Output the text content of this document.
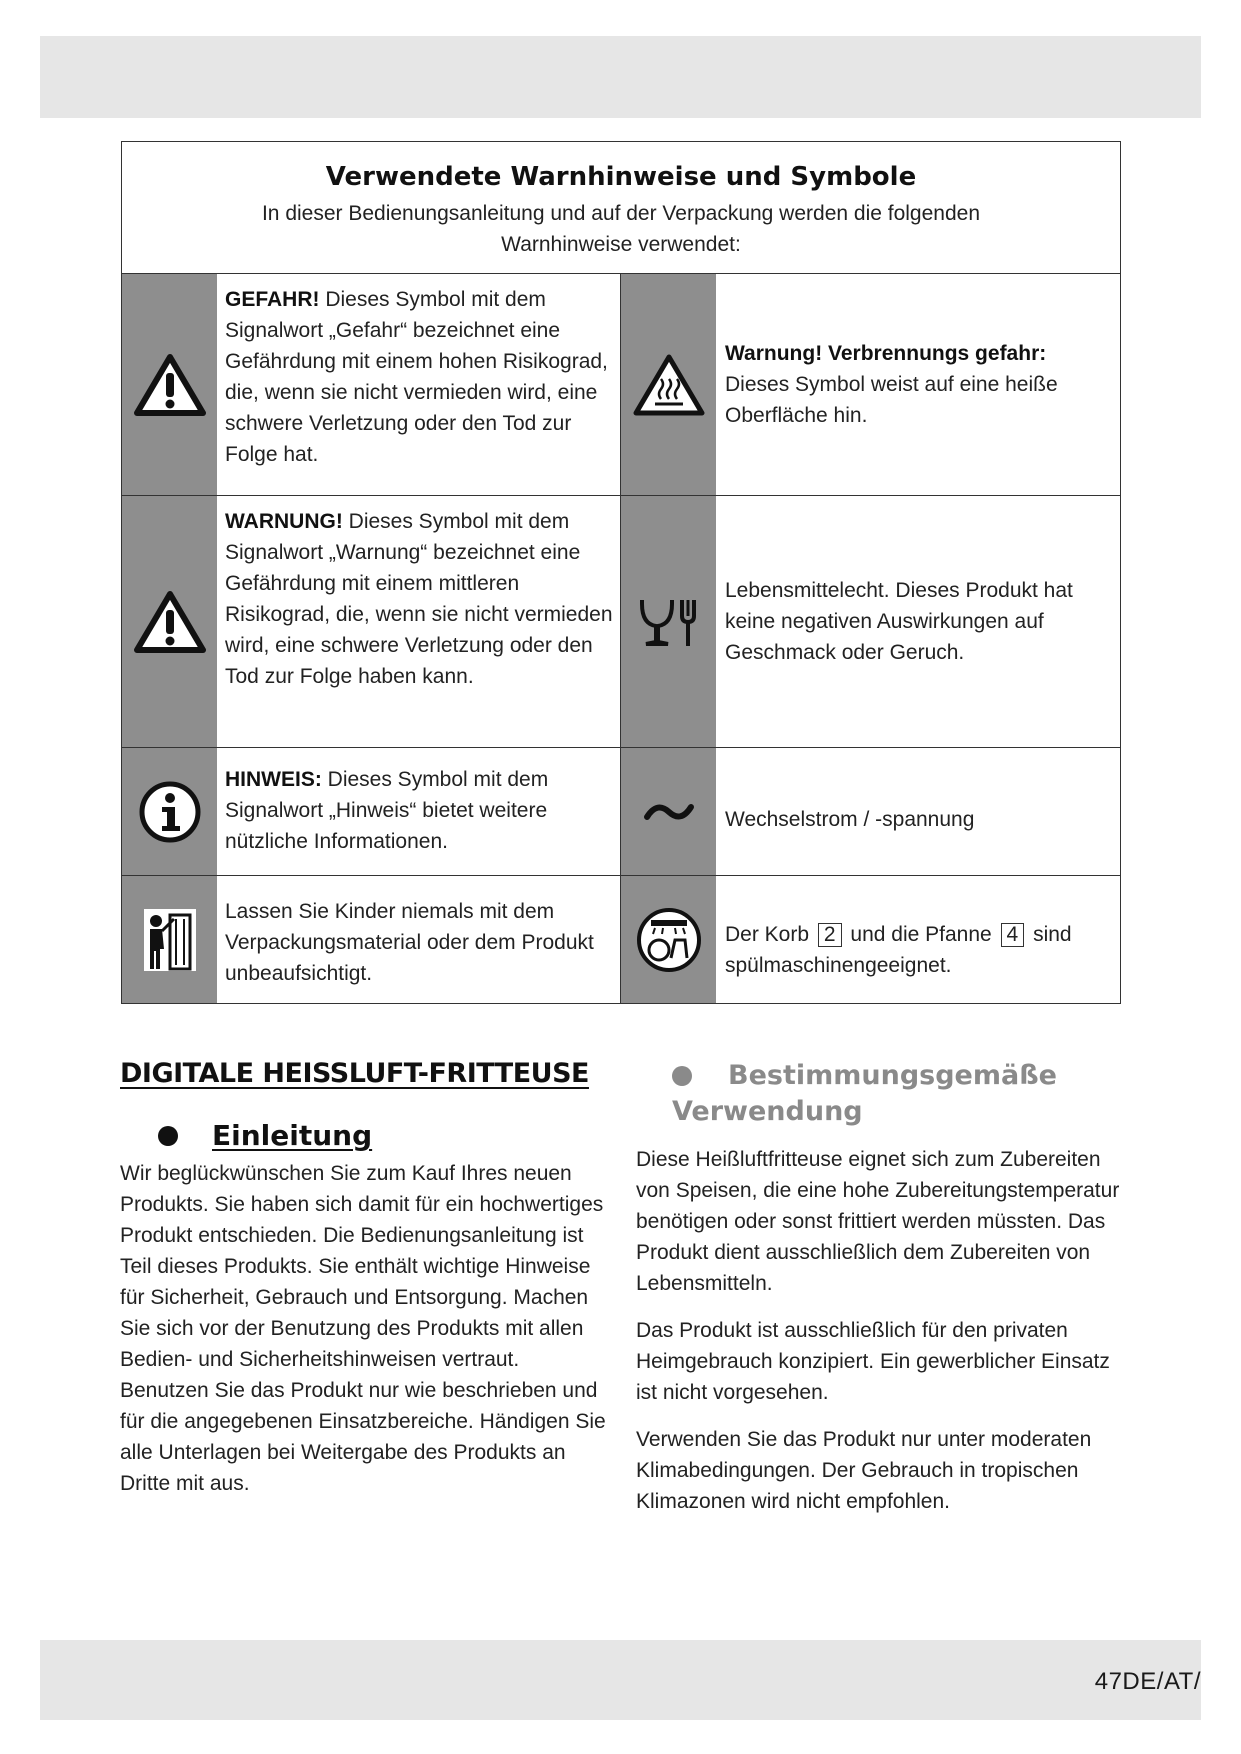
Verwendete Warnhinweise und Symbole
In dieser Bedienungsanleitung und auf der Verpackung werden die folgenden Warnhinweise verwendet:
GEFAHR! Dieses Symbol mit dem Signalwort „Gefahr“ bezeichnet eine Gefährdung mit einem hohen Risikograd, die, wenn sie nicht vermieden wird, eine schwere Verletzung oder den Tod zur Folge hat.
Warnung! Verbrennungs gefahr:
Dieses Symbol weist auf eine heiße Oberfläche hin.
WARNUNG! Dieses Symbol mit dem Signalwort „Warnung“ bezeichnet eine Gefährdung mit einem mittleren Risikograd, die, wenn sie nicht vermieden wird, eine schwere Verletzung oder den Tod zur Folge haben kann.
Lebensmittelecht. Dieses Produkt hat keine negativen Auswirkungen auf Geschmack oder Geruch.
HINWEIS: Dieses Symbol mit dem Signalwort „Hinweis“ bietet weitere nützliche Informationen.
Wechselstrom / -spannung
Lassen Sie Kinder niemals mit dem Verpackungsmaterial oder dem Produkt unbeaufsichtigt.
Der Korb 2 und die Pfanne 4 sind spülmaschinengeeignet.
DIGITALE HEISSLUFT-FRITTEUSE
Einleitung
Wir beglückwünschen Sie zum Kauf Ihres neuen Produkts. Sie haben sich damit für ein hochwertiges Produkt entschieden. Die Bedienungsanleitung ist Teil dieses Produkts. Sie enthält wichtige Hinweise für Sicherheit, Gebrauch und Entsorgung. Machen Sie sich vor der Benutzung des Produkts mit allen Bedien- und Sicherheitshinweisen vertraut. Benutzen Sie das Produkt nur wie beschrieben und für die angegebenen Einsatzbereiche. Händigen Sie alle Unterlagen bei Weitergabe des Produkts an Dritte mit aus.
Bestimmungsgemäße
Verwendung
Diese Heißluftfritteuse eignet sich zum Zubereiten von Speisen, die eine hohe Zubereitungstemperatur benötigen oder sonst frittiert werden müssten. Das Produkt dient ausschließlich dem Zubereiten von Lebensmitteln.
Das Produkt ist ausschließlich für den privaten Heimgebrauch konzipiert. Ein gewerblicher Einsatz ist nicht vorgesehen.
Verwenden Sie das Produkt nur unter moderaten Klimabedingungen. Der Gebrauch in tropischen Klimazonen wird nicht empfohlen.
47DE/AT/
